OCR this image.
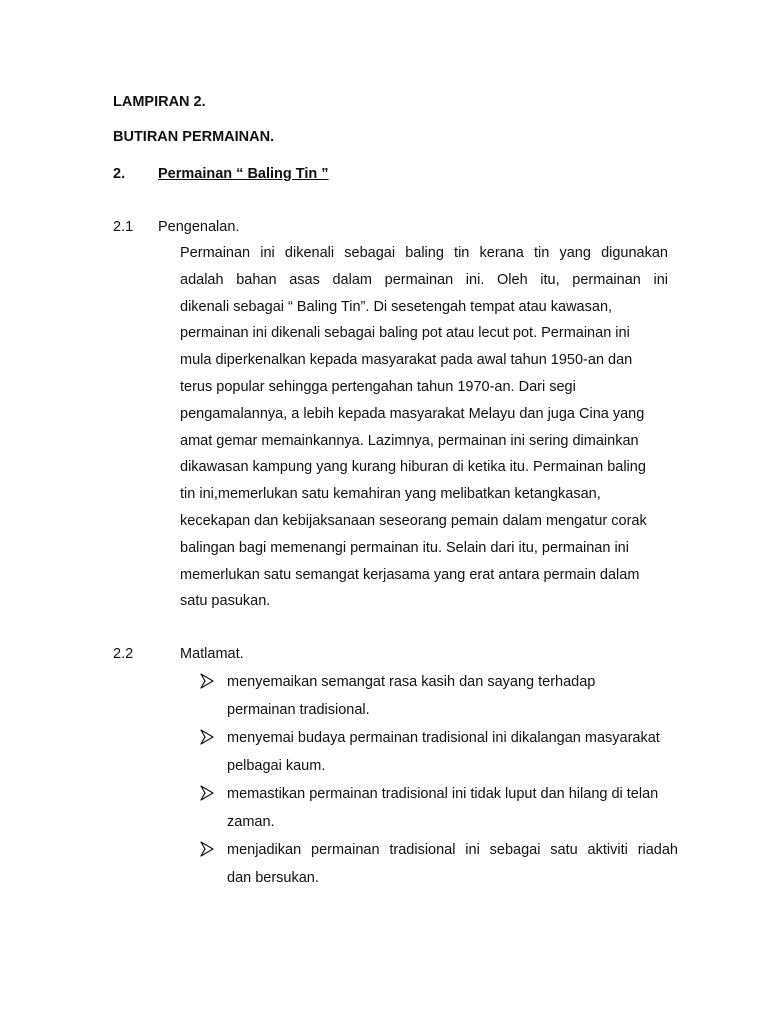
LAMPIRAN 2.
BUTIRAN PERMAINAN.
2. Permainan “ Baling Tin ”
2.1 Pengenalan.
Permainan ini dikenali sebagai baling tin kerana tin yang digunakan
adalah bahan asas dalam permainan ini. Oleh itu, permainan ini
dikenali sebagai “ Baling Tin”. Di sesetengah tempat atau kawasan,
permainan ini dikenali sebagai baling pot atau lecut pot. Permainan ini
mula diperkenalkan kepada masyarakat pada awal tahun 1950-an dan
terus popular sehingga pertengahan tahun 1970-an. Dari segi
pengamalannya, a lebih kepada masyarakat Melayu dan juga Cina yang
amat gemar memainkannya. Lazimnya, permainan ini sering dimainkan
dikawasan kampung yang kurang hiburan di ketika itu. Permainan baling
tin ini,memerlukan satu kemahiran yang melibatkan ketangkasan,
kecekapan dan kebijaksanaan seseorang pemain dalam mengatur corak
balingan bagi memenangi permainan itu. Selain dari itu, permainan ini
memerlukan satu semangat kerjasama yang erat antara permain dalam
satu pasukan.
2.2	Matlamat.
menyemaikan semangat rasa kasih dan sayang terhadap
permainan tradisional.
menyemai budaya permainan tradisional ini dikalangan masyarakat
pelbagai kaum.
memastikan permainan tradisional ini tidak luput dan hilang di telan
zaman.
menjadikan permainan tradisional ini sebagai satu aktiviti riadah
dan bersukan.
